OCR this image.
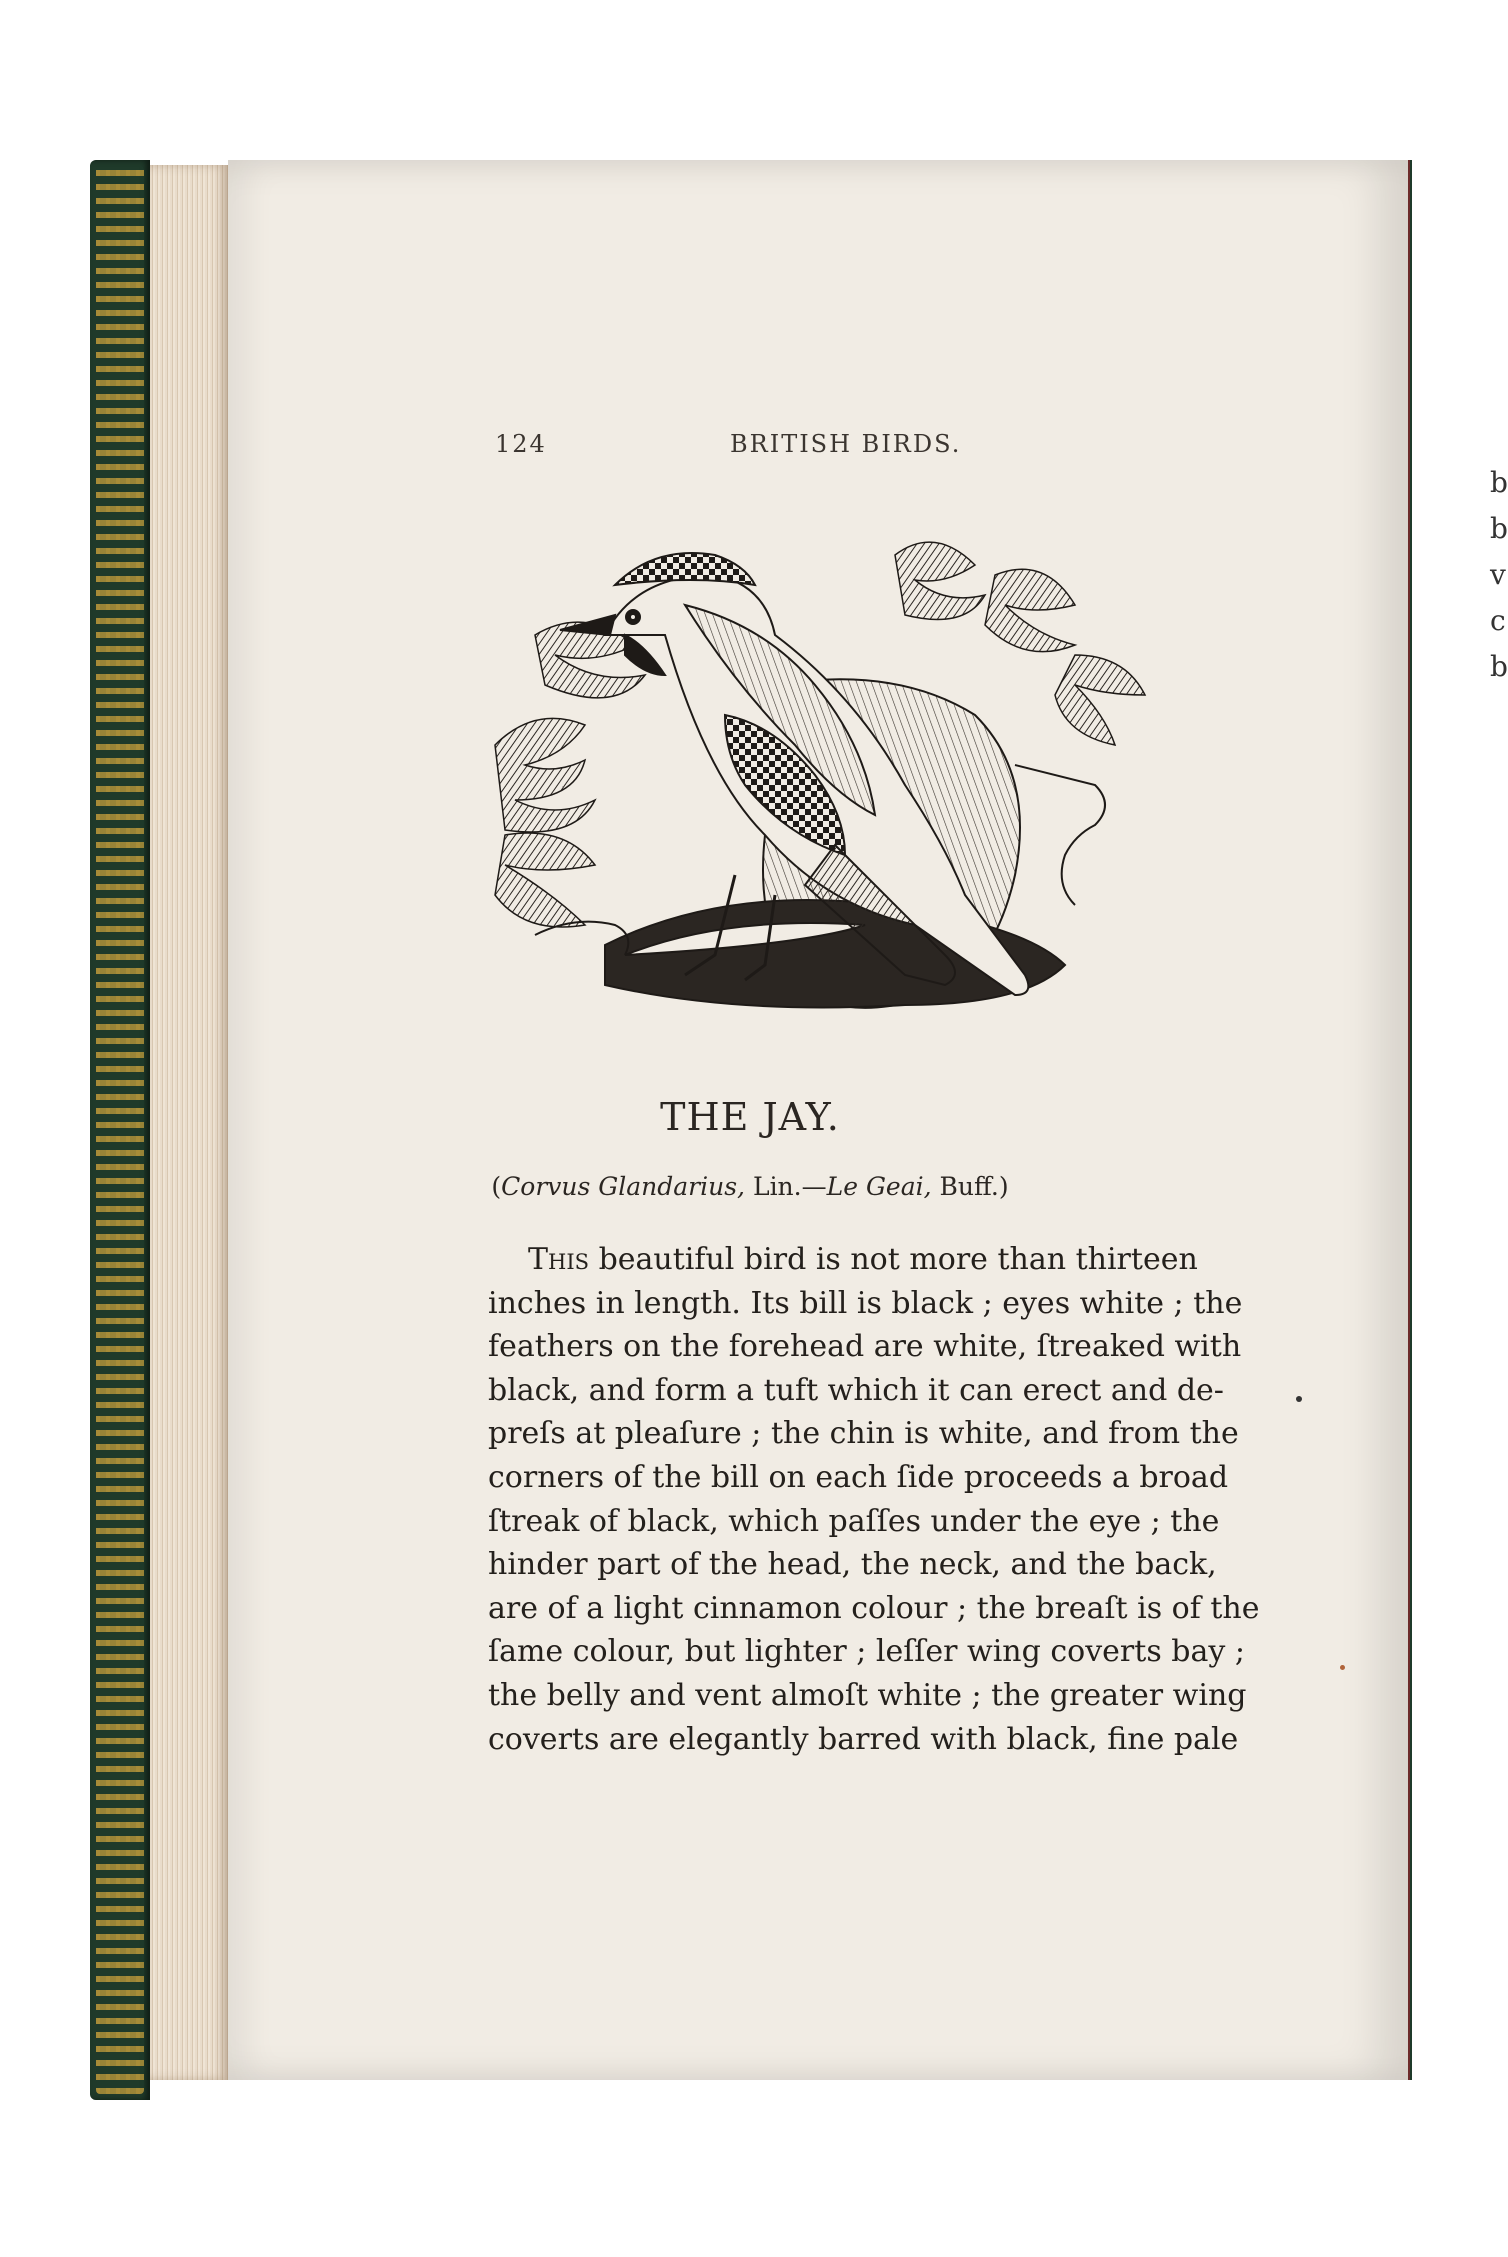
b
b
v
c
b
124	BRITISH BIRDS.
THE JAY.
(Corvus Glandarius, Lin.—Le Geai, Buff.)
This beautiful bird is not more than thirteen
inches in length. Its bill is black ; eyes white ; the
feathers on the forehead are white, ſtreaked with
black, and form a tuft which it can erect and de-
preſs at pleaſure ; the chin is white, and from the
corners of the bill on each ſide proceeds a broad
ſtreak of black, which paſſes under the eye ; the
hinder part of the head, the neck, and the back,
are of a light cinnamon colour ; the breaſt is of the
ſame colour, but lighter ; leſſer wing coverts bay ;
the belly and vent almoſt white ; the greater wing
coverts are elegantly barred with black, fine pale
